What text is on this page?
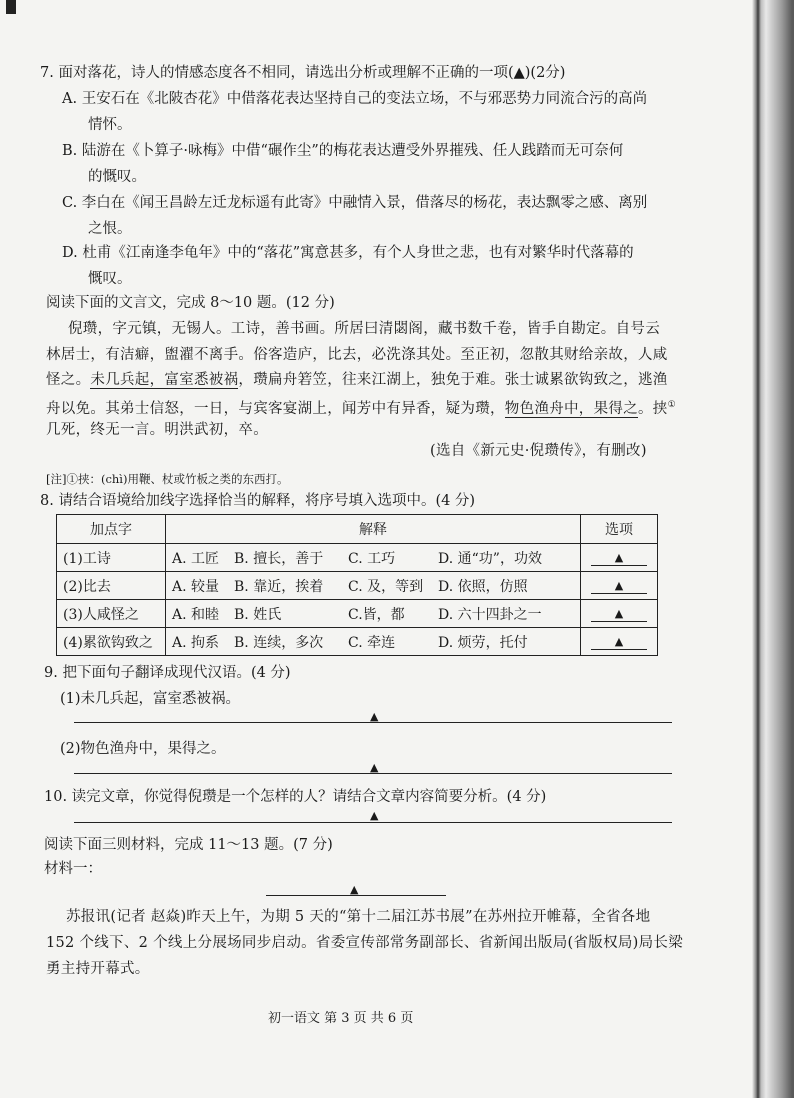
7. 面对落花，诗人的情感态度各不相同，请选出分析或理解不正确的一项(▲)(2分)
A. 王安石在《北陂杏花》中借落花表达坚持自己的变法立场，不与邪恶势力同流合污的高尚
情怀。
B. 陆游在《卜算子·咏梅》中借“碾作尘”的梅花表达遭受外界摧残、任人践踏而无可奈何
的慨叹。
C. 李白在《闻王昌龄左迁龙标遥有此寄》中融情入景，借落尽的杨花，表达飘零之感、离别
之恨。
D. 杜甫《江南逢李龟年》中的“落花”寓意甚多，有个人身世之悲，也有对繁华时代落幕的
慨叹。
阅读下面的文言文，完成 8～10 题。(12 分)
倪瓒，字元镇，无锡人。工诗，善书画。所居曰清閟阁，藏书数千卷，皆手自勘定。自号云
林居士，有洁癖，盥濯不离手。俗客造庐，比去，必洗涤其处。至正初，忽散其财给亲故，人咸
怪之。未几兵起，富室悉被祸，瓒扁舟箬笠，往来江湖上，独免于难。张士诚累欲钩致之，逃渔
舟以免。其弟士信怒，一日，与宾客宴湖上，闻芳中有异香，疑为瓒，物色渔舟中，果得之。挟①
几死，终无一言。明洪武初，卒。
(选自《新元史·倪瓒传》，有删改)
[注]①挟：(chì)用鞭、杖或竹板之类的东西打。
8. 请结合语境给加线字选择恰当的解释，将序号填入选项中。(4 分)
加点字	解释	选项
(1)工诗	A. 工匠 B. 擅长，善于 C. 工巧 D. 通“功”，功效	▲
(2)比去	A. 较量 B. 靠近，挨着 C. 及，等到 D. 依照，仿照	▲
(3)人咸怪之	A. 和睦 B. 姓氏 C.皆，都 D. 六十四卦之一	▲
(4)累欲钩致之	A. 拘系 B. 连续，多次 C. 牵连 D. 烦劳，托付	▲
9. 把下面句子翻译成现代汉语。(4 分)
(1)未几兵起，富室悉被祸。
▲
(2)物色渔舟中，果得之。
▲
10. 读完文章，你觉得倪瓒是一个怎样的人？请结合文章内容简要分析。(4 分)
▲
阅读下面三则材料，完成 11～13 题。(7 分)
材料一：
▲
苏报讯(记者 赵焱)昨天上午，为期 5 天的“第十二届江苏书展”在苏州拉开帷幕，全省各地
152 个线下、2 个线上分展场同步启动。省委宣传部常务副部长、省新闻出版局(省版权局)局长梁
勇主持开幕式。
初一语文 第 3 页 共 6 页
